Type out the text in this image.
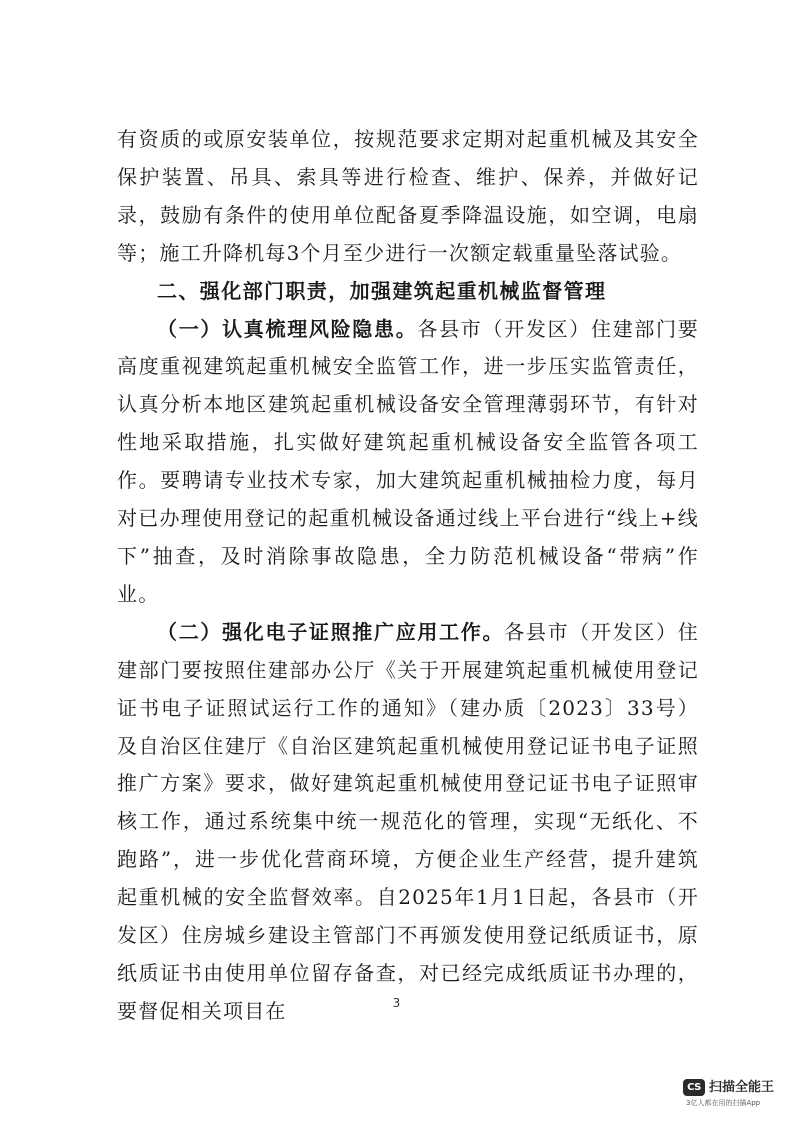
有资质的或原安装单位，按规范要求定期对起重机械及其安全保护装置、吊具、索具等进行检查、维护、保养，并做好记录，鼓励有条件的使用单位配备夏季降温设施，如空调，电扇等；施工升降机每3个月至少进行一次额定载重量坠落试验。

二、强化部门职责，加强建筑起重机械监督管理

（一）认真梳理风险隐患。各县市（开发区）住建部门要高度重视建筑起重机械安全监管工作，进一步压实监管责任，认真分析本地区建筑起重机械设备安全管理薄弱环节，有针对性地采取措施，扎实做好建筑起重机械设备安全监管各项工作。要聘请专业技术专家，加大建筑起重机械抽检力度，每月对已办理使用登记的起重机械设备通过线上平台进行“线上+线下”抽查，及时消除事故隐患，全力防范机械设备“带病”作业。

（二）强化电子证照推广应用工作。各县市（开发区）住建部门要按照住建部办公厅《关于开展建筑起重机械使用登记证书电子证照试运行工作的通知》（建办质〔2023〕33号）及自治区住建厅《自治区建筑起重机械使用登记证书电子证照推广方案》要求，做好建筑起重机械使用登记证书电子证照审核工作，通过系统集中统一规范化的管理，实现“无纸化、不跑路”，进一步优化营商环境，方便企业生产经营，提升建筑起重机械的安全监督效率。自2025年1月1日起，各县市（开发区）住房城乡建设主管部门不再颁发使用登记纸质证书，原纸质证书由使用单位留存备查，对已经完成纸质证书办理的，要督促相关项目在	3
CS 扫描全能王
3亿人都在用的扫描App
